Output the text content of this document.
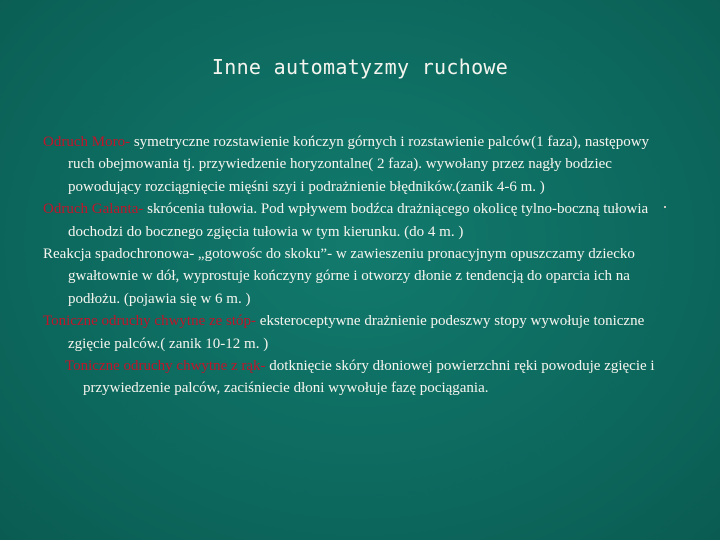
Inne automatyzmy ruchowe

Odruch Moro- symetryczne rozstawienie kończyn górnych i rozstawienie palców(1 faza), następowy ruch obejmowania tj. przywiedzenie horyzontalne( 2 faza). wywołany przez nagły bodziec powodujący rozciągnięcie mięśni szyi i podrażnienie błędników.(zanik 4-6 m. )

Odruch Galanta- skrócenia tułowia. Pod wpływem bodźca drażniącego okolicę tylno-boczną tułowia dochodzi do bocznego zgięcia tułowia w tym kierunku. (do 4 m. )

Reakcja spadochronowa- „gotowośc do skoku”- w zawieszeniu pronacyjnym opuszczamy dziecko gwałtownie w dół, wyprostuje kończyny górne i otworzy dłonie z tendencją do oparcia ich na podłożu. (pojawia się w 6 m. )

Toniczne odruchy chwytne ze stóp- eksteroceptywne drażnienie podeszwy stopy wywołuje toniczne zgięcie palców.( zanik 10-12 m. )

Toniczne odruchy chwytne z rąk- dotknięcie skóry dłoniowej powierzchni ręki powoduje zgięcie i przywiedzenie palców, zaciśniecie dłoni wywołuje fazę pociągania.
